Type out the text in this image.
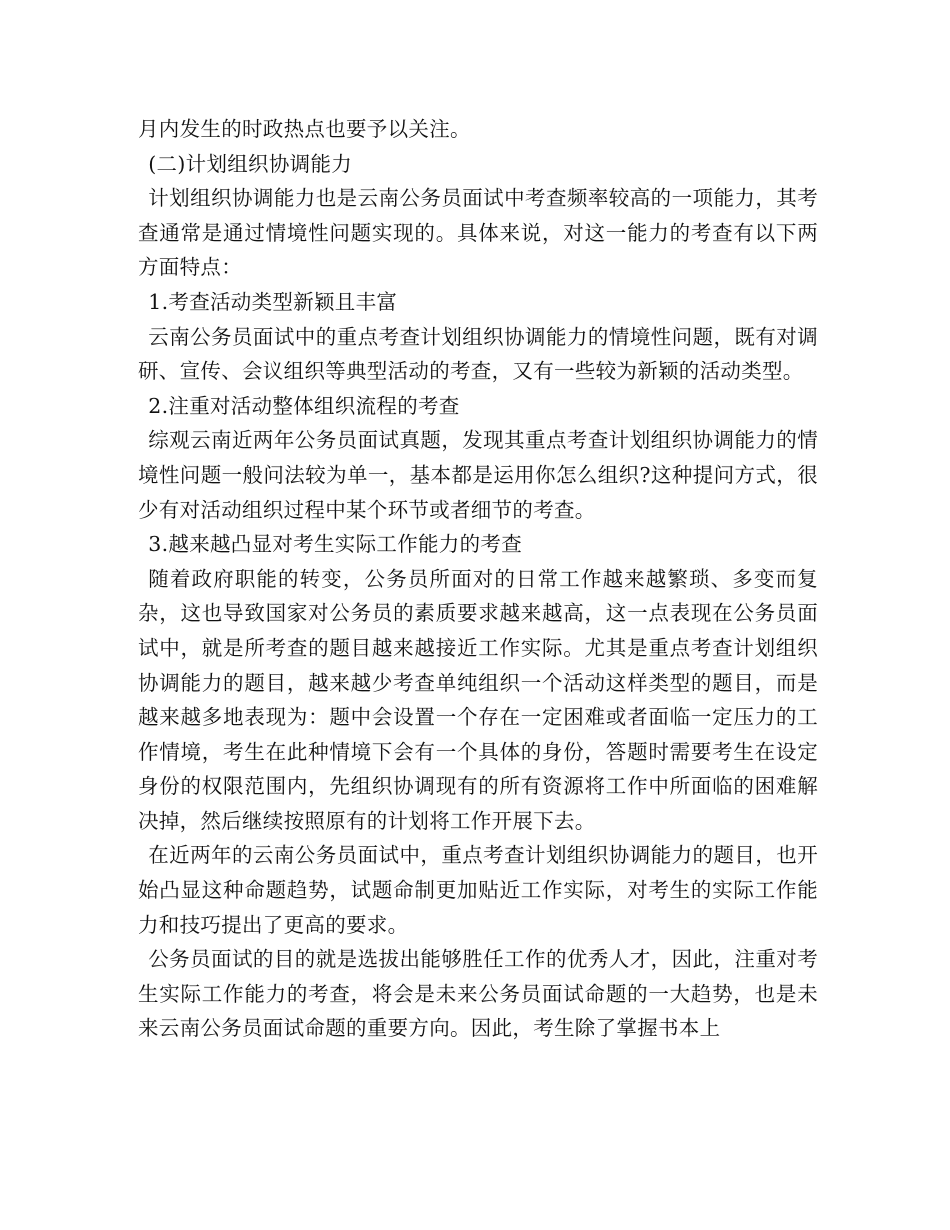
月内发生的时政热点也要予以关注。

(二)计划组织协调能力

计划组织协调能力也是云南公务员面试中考查频率较高的一项能力，其考查通常是通过情境性问题实现的。具体来说，对这一能力的考查有以下两方面特点：

1.考查活动类型新颖且丰富

云南公务员面试中的重点考查计划组织协调能力的情境性问题，既有对调研、宣传、会议组织等典型活动的考查，又有一些较为新颖的活动类型。

2.注重对活动整体组织流程的考查

综观云南近两年公务员面试真题，发现其重点考查计划组织协调能力的情境性问题一般问法较为单一，基本都是运用你怎么组织?这种提问方式，很少有对活动组织过程中某个环节或者细节的考查。

3.越来越凸显对考生实际工作能力的考查

随着政府职能的转变，公务员所面对的日常工作越来越繁琐、多变而复杂，这也导致国家对公务员的素质要求越来越高，这一点表现在公务员面试中，就是所考查的题目越来越接近工作实际。尤其是重点考查计划组织协调能力的题目，越来越少考查单纯组织一个活动这样类型的题目，而是越来越多地表现为：题中会设置一个存在一定困难或者面临一定压力的工作情境，考生在此种情境下会有一个具体的身份，答题时需要考生在设定身份的权限范围内，先组织协调现有的所有资源将工作中所面临的困难解决掉，然后继续按照原有的计划将工作开展下去。

在近两年的云南公务员面试中，重点考查计划组织协调能力的题目，也开始凸显这种命题趋势，试题命制更加贴近工作实际，对考生的实际工作能力和技巧提出了更高的要求。

公务员面试的目的就是选拔出能够胜任工作的优秀人才，因此，注重对考生实际工作能力的考查，将会是未来公务员面试命题的一大趋势，也是未来云南公务员面试命题的重要方向。因此，考生除了掌握书本上
